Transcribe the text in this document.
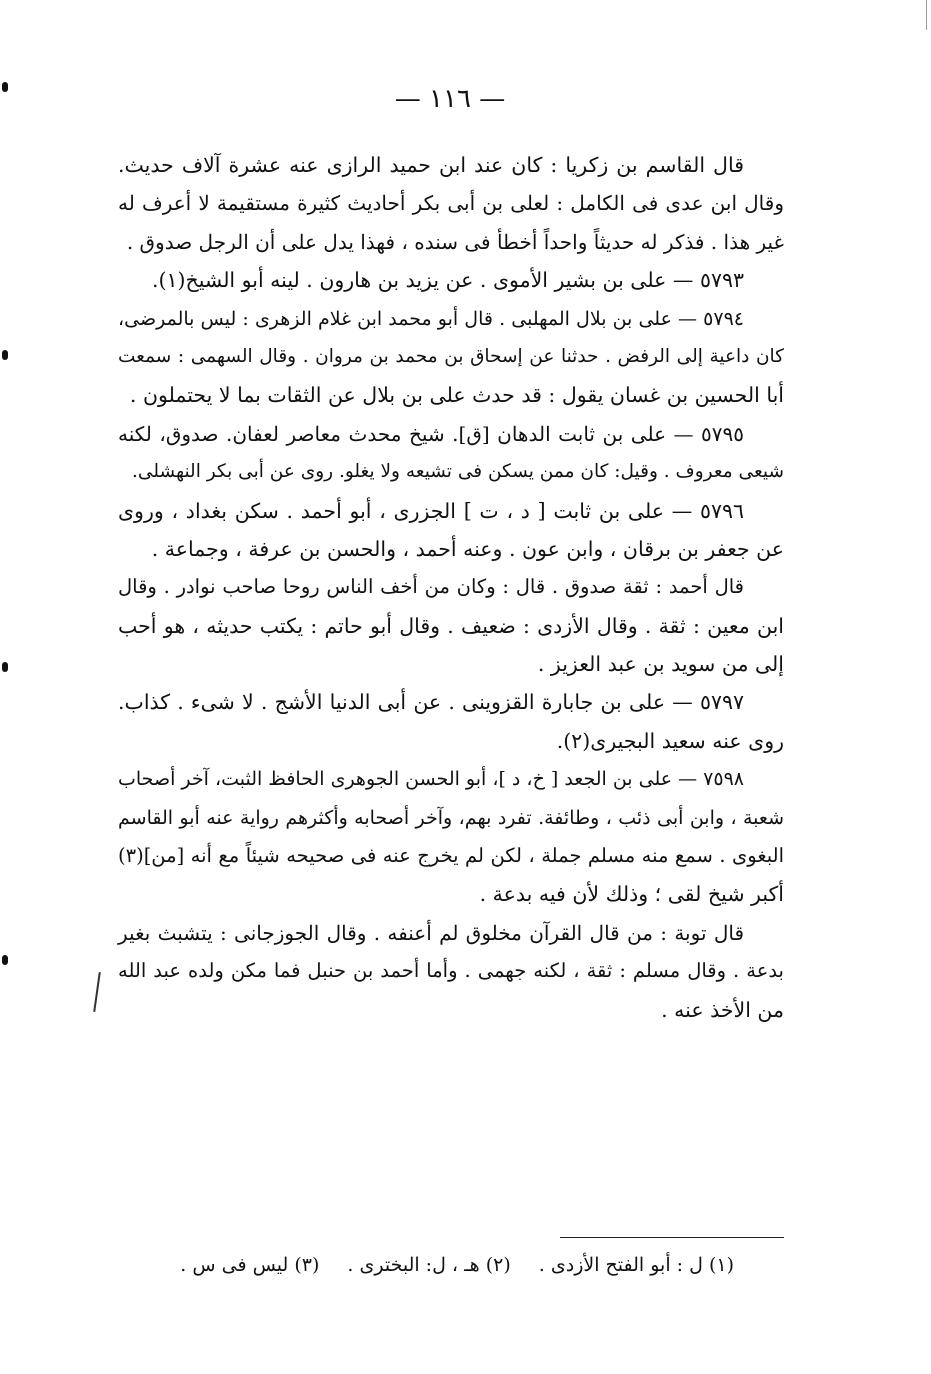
— ١١٦ —
قال القاسم بن زكريا : كان عند ابن حميد الرازى عنه عشرة آلاف حديث.
وقال ابن عدى فى الكامل : لعلى بن أبى بكر أحاديث كثيرة مستقيمة لا أعرف له
غير هذا . فذكر له حديثاً واحداً أخطأ فى سنده ، فهذا يدل على أن الرجل صدوق .
٥٧٩٣ — على بن بشير الأموى . عن يزيد بن هارون . لينه أبو الشيخ(١).
٥٧٩٤ — على بن بلال المهلبى . قال أبو محمد ابن غلام الزهرى : ليس بالمرضى،
كان داعية إلى الرفض . حدثنا عن إسحاق بن محمد بن مروان . وقال السهمى : سمعت
أبا الحسين بن غسان يقول : قد حدث على بن بلال عن الثقات بما لا يحتملون .
٥٧٩٥ — على بن ثابت الدهان [ق]. شيخ محدث معاصر لعفان. صدوق، لكنه
شيعى معروف . وقيل: كان ممن يسكن فى تشيعه ولا يغلو. روى عن أبى بكر النهشلى.
٥٧٩٦ — على بن ثابت [ د ، ت ] الجزرى ، أبو أحمد . سكن بغداد ، وروى
عن جعفر بن برقان ، وابن عون . وعنه أحمد ، والحسن بن عرفة ، وجماعة .
قال أحمد : ثقة صدوق . قال : وكان من أخف الناس روحا صاحب نوادر . وقال
ابن معين : ثقة . وقال الأزدى : ضعيف . وقال أبو حاتم : يكتب حديثه ، هو أحب
إلى من سويد بن عبد العزيز .
٥٧٩٧ — على بن جابارة القزوينى . عن أبى الدنيا الأشج . لا شىء . كذاب.
روى عنه سعيد البجيرى(٢).
٧٥٩٨ — على بن الجعد [ خ، د ]، أبو الحسن الجوهرى الحافظ الثبت، آخر أصحاب
شعبة ، وابن أبى ذئب ، وطائفة. تفرد بهم، وآخر أصحابه وأكثرهم رواية عنه أبو القاسم
البغوى . سمع منه مسلم جملة ، لكن لم يخرج عنه فى صحيحه شيئاً مع أنه [من](٣)
أكبر شيخ لقى ؛ وذلك لأن فيه بدعة .
قال توبة : من قال القرآن مخلوق لم أعنفه . وقال الجوزجانى : يتشبث بغير
بدعة . وقال مسلم : ثقة ، لكنه جهمى . وأما أحمد بن حنبل فما مكن ولده عبد الله
من الأخذ عنه .
(١) ل : أبو الفتح الأزدى .(٢) هـ ، ل: البخترى .(٣) ليس فى س .
